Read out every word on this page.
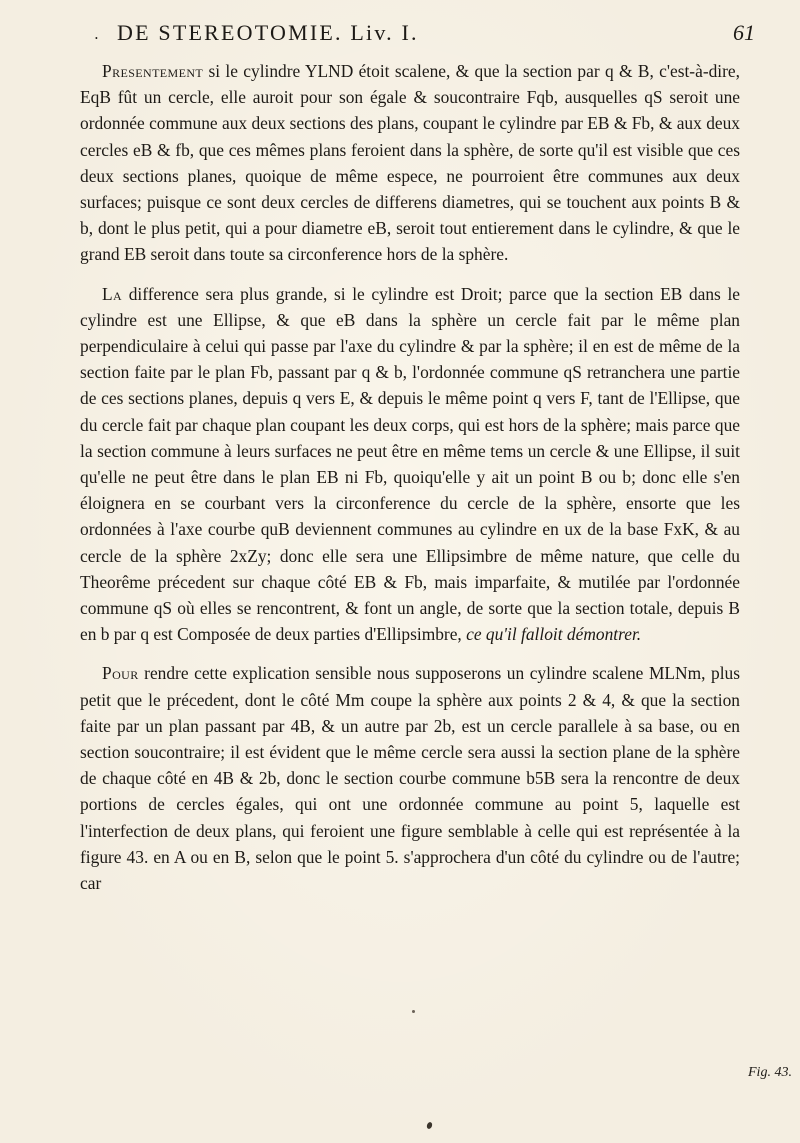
• DE STEREOTOMIE. Liv. I.	61

Presentement si le cylindre YLND étoit scalene, & que la section par q & B, c'est-à-dire, EqB fût un cercle, elle auroit pour son égale & soucontraire Fqb, ausquelles qS seroit une ordonnée commune aux deux sections des plans, coupant le cylindre par EB & Fb, & aux deux cercles eB & fb, que ces mêmes plans feroient dans la sphère, de sorte qu'il est visible que ces deux sections planes, quoique de même espece, ne pourroient être communes aux deux surfaces; puisque ce sont deux cercles de differens diametres, qui se touchent aux points B & b, dont le plus petit, qui a pour diametre eB, seroit tout entierement dans le cylindre, & que le grand EB seroit dans toute sa circonference hors de la sphère.

La difference sera plus grande, si le cylindre est Droit; parce que la section EB dans le cylindre est une Ellipse, & que eB dans la sphère un cercle fait par le même plan perpendiculaire à celui qui passe par l'axe du cylindre & par la sphère; il en est de même de la section faite par le plan Fb, passant par q & b, l'ordonnée commune qS retranchera une partie de ces sections planes, depuis q vers E, & depuis le même point q vers F, tant de l'Ellipse, que du cercle fait par chaque plan coupant les deux corps, qui est hors de la sphère; mais parce que la section commune à leurs surfaces ne peut être en même tems un cercle & une Ellipse, il suit qu'elle ne peut être dans le plan EB ni Fb, quoiqu'elle y ait un point B ou b; donc elle s'en éloignera en se courbant vers la circonference du cercle de la sphère, ensorte que les ordonnées à l'axe courbe quB deviennent communes au cylindre en ux de la base FxK, & au cercle de la sphère 2xZy; donc elle sera une Ellipsimbre de même nature, que celle du Theorême précedent sur chaque côté EB & Fb, mais imparfaite, & mutilée par l'ordonnée commune qS où elles se rencontrent, & font un angle, de sorte que la section totale, depuis B en b par q est Composée de deux parties d'Ellipsimbre, ce qu'il falloit démontrer.

Pour rendre cette explication sensible nous supposerons un cylindre scalene MLNm, plus petit que le précedent, dont le côté Mm coupe la sphère aux points 2 & 4, & que la section faite par un plan passant par 4B, & un autre par 2b, est un cercle parallele à sa base, ou en section soucontraire; il est évident que le même cercle sera aussi la section plane de la sphère de chaque côté en 4B & 2b, donc le section courbe commune b5B sera la rencontre de deux portions de cercles égales, qui ont une ordonnée commune au point 5, laquelle est l'interfection de deux plans, qui feroient une figure semblable à celle qui est représentée à la figure 43. en A ou en B, selon que le point 5. s'approchera d'un côté du cylindre ou de l'autre; car

Fig. 43.
